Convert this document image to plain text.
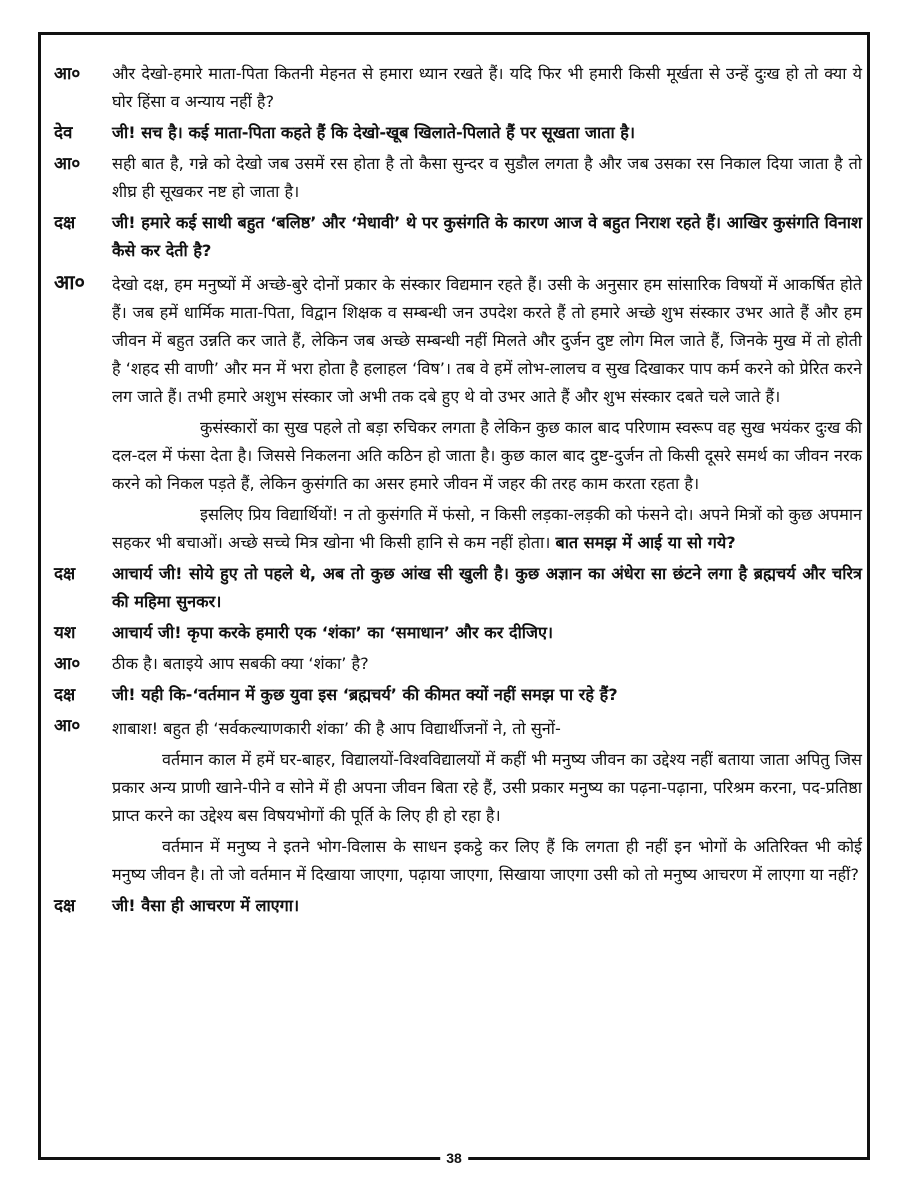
आ०	और देखो-हमारे माता-पिता कितनी मेहनत से हमारा ध्यान रखते हैं। यदि फिर भी हमारी किसी मूर्खता से उन्हें दुःख हो तो क्या ये घोर हिंसा व अन्याय नहीं है?
देव	जी! सच है। कई माता-पिता कहते हैं कि देखो-खूब खिलाते-पिलाते हैं पर सूखता जाता है।
आ०	सही बात है, गन्ने को देखो जब उसमें रस होता है तो कैसा सुन्दर व सुडौल लगता है और जब उसका रस निकाल दिया जाता है तो शीघ्र ही सूखकर नष्ट हो जाता है।
दक्ष	जी! हमारे कई साथी बहुत ‘बलिष्ठ’ और ‘मेधावी’ थे पर कुसंगति के कारण आज वे बहुत निराश रहते हैं। आखिर कुसंगति विनाश कैसे कर देती है?
आ०	देखो दक्ष, हम मनुष्यों में अच्छे-बुरे दोनों प्रकार के संस्कार विद्यमान रहते हैं। उसी के अनुसार हम सांसारिक विषयों में आकर्षित होते हैं। जब हमें धार्मिक माता-पिता, विद्वान शिक्षक व सम्बन्धी जन उपदेश करते हैं तो हमारे अच्छे शुभ संस्कार उभर आते हैं और हम जीवन में बहुत उन्नति कर जाते हैं, लेकिन जब अच्छे सम्बन्धी नहीं मिलते और दुर्जन दुष्ट लोग मिल जाते हैं, जिनके मुख में तो होती है ‘शहद सी वाणी’ और मन में भरा होता है हलाहल ‘विष’। तब वे हमें लोभ-लालच व सुख दिखाकर पाप कर्म करने को प्रेरित करने लग जाते हैं। तभी हमारे अशुभ संस्कार जो अभी तक दबे हुए थे वो उभर आते हैं और शुभ संस्कार दबते चले जाते हैं।
कुसंस्कारों का सुख पहले तो बड़ा रुचिकर लगता है लेकिन कुछ काल बाद परिणाम स्वरूप वह सुख भयंकर दुःख की दल-दल में फंसा देता है। जिससे निकलना अति कठिन हो जाता है। कुछ काल बाद दुष्ट-दुर्जन तो किसी दूसरे समर्थ का जीवन नरक करने को निकल पड़ते हैं, लेकिन कुसंगति का असर हमारे जीवन में जहर की तरह काम करता रहता है।
इसलिए प्रिय विद्यार्थियों! न तो कुसंगति में फंसो, न किसी लड़का-लड़की को फंसने दो। अपने मित्रों को कुछ अपमान सहकर भी बचाओं। अच्छे सच्चे मित्र खोना भी किसी हानि से कम नहीं होता। बात समझ में आई या सो गये?
दक्ष	आचार्य जी! सोये हुए तो पहले थे, अब तो कुछ आंख सी खुली है। कुछ अज्ञान का अंधेरा सा छंटने लगा है ब्रह्मचर्य और चरित्र की महिमा सुनकर।
यश	आचार्य जी! कृपा करके हमारी एक ‘शंका’ का ‘समाधान’ और कर दीजिए।
आ०	ठीक है। बताइये आप सबकी क्या ‘शंका’ है?
दक्ष	जी! यही कि-‘वर्तमान में कुछ युवा इस ‘ब्रह्मचर्य’ की कीमत क्यों नहीं समझ पा रहे हैं?
आ०	शाबाश! बहुत ही ‘सर्वकल्याणकारी शंका’ की है आप विद्यार्थीजनों ने, तो सुनों-
वर्तमान काल में हमें घर-बाहर, विद्यालयों-विश्वविद्यालयों में कहीं भी मनुष्य जीवन का उद्देश्य नहीं बताया जाता अपितु जिस प्रकार अन्य प्राणी खाने-पीने व सोने में ही अपना जीवन बिता रहे हैं, उसी प्रकार मनुष्य का पढ़ना-पढ़ाना, परिश्रम करना, पद-प्रतिष्ठा प्राप्त करने का उद्देश्य बस विषयभोगों की पूर्ति के लिए ही हो रहा है।
वर्तमान में मनुष्य ने इतने भोग-विलास के साधन इकट्ठे कर लिए हैं कि लगता ही नहीं इन भोगों के अतिरिक्त भी कोई मनुष्य जीवन है। तो जो वर्तमान में दिखाया जाएगा, पढ़ाया जाएगा, सिखाया जाएगा उसी को तो मनुष्य आचरण में लाएगा या नहीं?
दक्ष	जी! वैसा ही आचरण में लाएगा।
38
